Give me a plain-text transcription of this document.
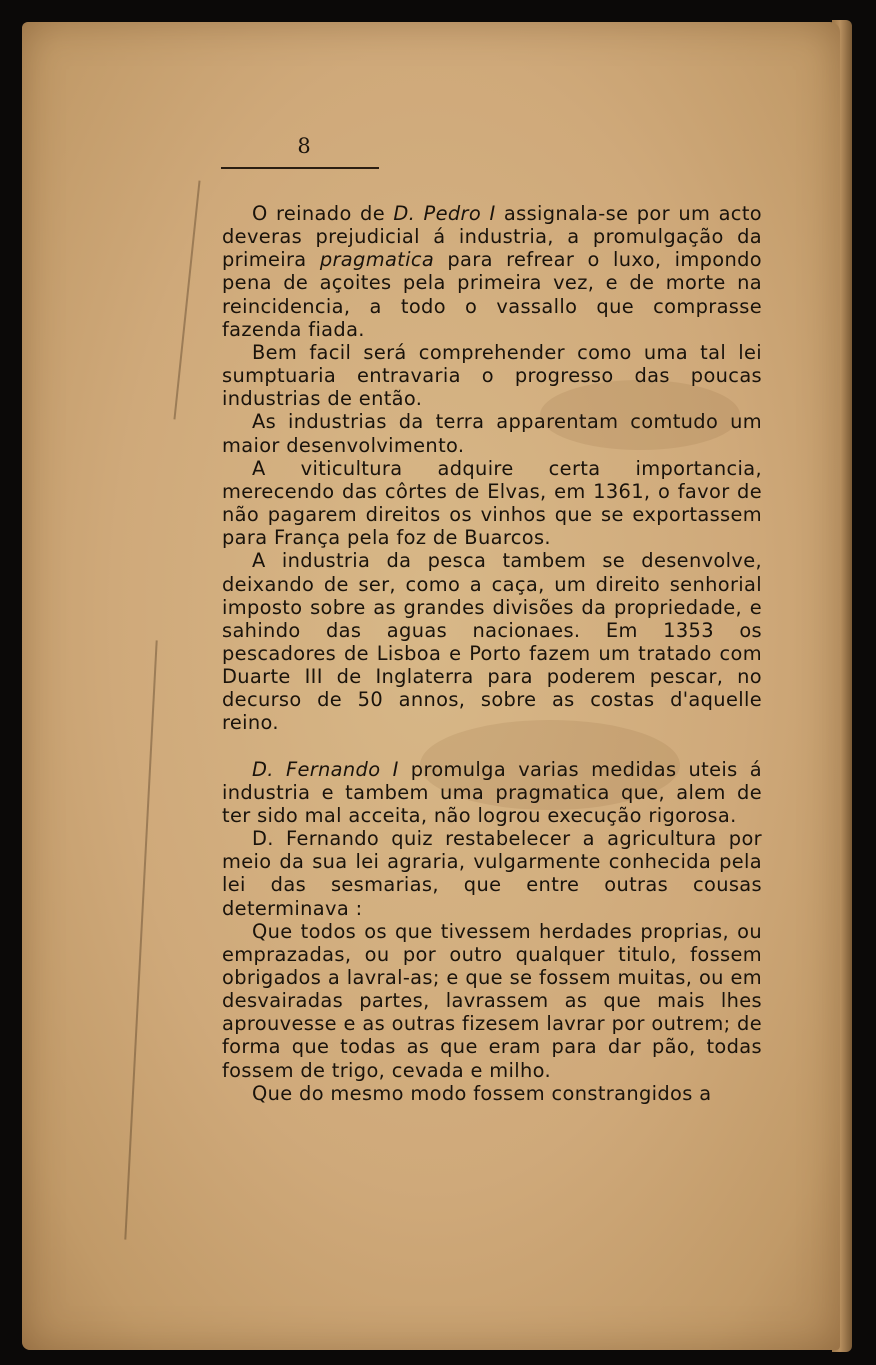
8

O reinado de D. Pedro I assignala-se por um acto deveras prejudicial á industria, a promulgação da primeira pragmatica para refrear o luxo, impondo pena de açoites pela primeira vez, e de morte na reincidencia, a todo o vassallo que comprasse fazenda fiada.

Bem facil será comprehender como uma tal lei sumptuaria entravaria o progresso das poucas industrias de então.

As industrias da terra apparentam comtudo um maior desenvolvimento.

A viticultura adquire certa importancia, merecendo das côrtes de Elvas, em 1361, o favor de não pagarem direitos os vinhos que se exportassem para França pela foz de Buarcos.

A industria da pesca tambem se desenvolve, deixando de ser, como a caça, um direito senhorial imposto sobre as grandes divisões da propriedade, e sahindo das aguas nacionaes. Em 1353 os pescadores de Lisboa e Porto fazem um tratado com Duarte III de Inglaterra para poderem pescar, no decurso de 50 annos, sobre as costas d'aquelle reino.

D. Fernando I promulga varias medidas uteis á industria e tambem uma pragmatica que, alem de ter sido mal acceita, não logrou execução rigorosa.

D. Fernando quiz restabelecer a agricultura por meio da sua lei agraria, vulgarmente conhecida pela lei das sesmarias, que entre outras cousas determinava :

Que todos os que tivessem herdades proprias, ou emprazadas, ou por outro qualquer titulo, fossem obrigados a lavral-as; e que se fossem muitas, ou em desvairadas partes, lavrassem as que mais lhes aprouvesse e as outras fizesem lavrar por outrem; de forma que todas as que eram para dar pão, todas fossem de trigo, cevada e milho.

Que do mesmo modo fossem constrangidos a
